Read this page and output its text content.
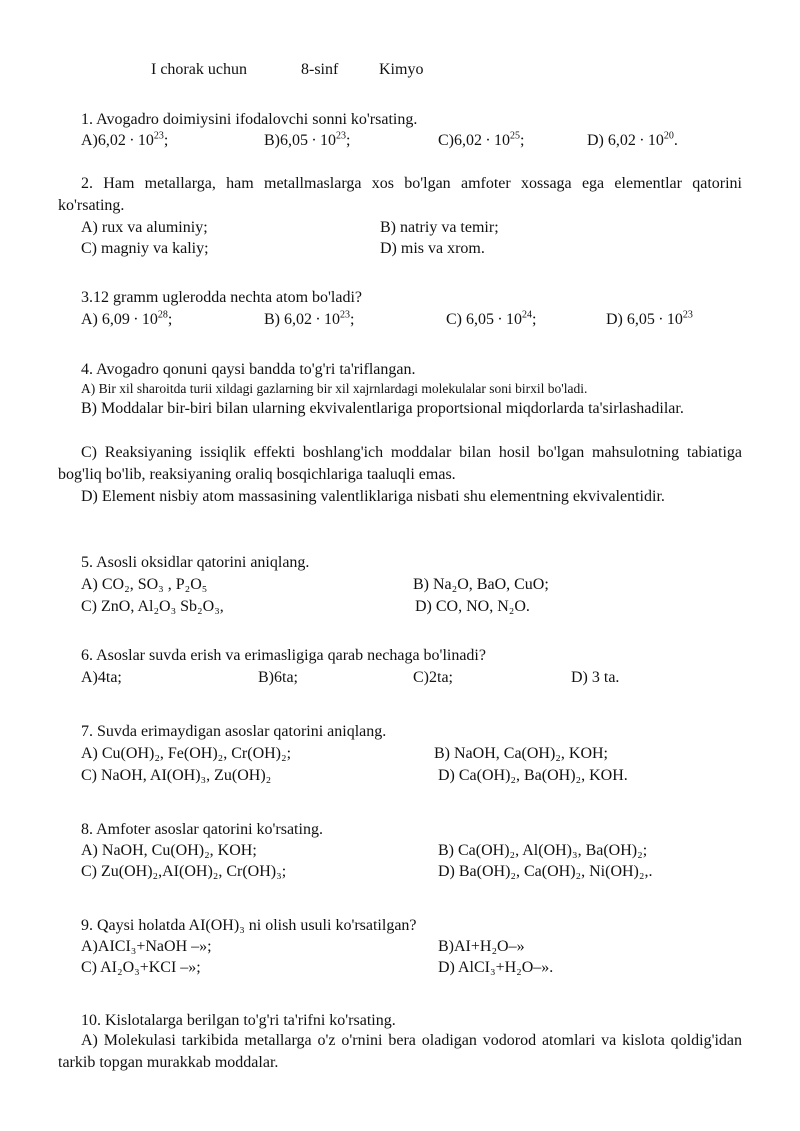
I chorak uchun	8-sinf	Kimyo
1. Avogadro doimiysini ifodalovchi sonni ko'rsating.
$A)6,02 \cdot 10^{23}$;	$B)6,05 \cdot 10^{23}$;	$C)6,02 \cdot 10^{25}$;	D) $6,02 \cdot 10^{20}$.
2. Ham metallarga, ham metallmaslarga xos bo'lgan amfoter xossaga ega elementlar qatorini ko'rsating.
A) rux va aluminiy;	B) natriy va temir;
C) magniy va kaliy;	D) mis va xrom.
3.12 gramm uglerodda nechta atom bo'ladi?
A) $6,09 \cdot 10^{28}$;	B) $6,02 \cdot 10^{23}$;	C) $6,05 \cdot 10^{24}$;	D) $6,05 \cdot 10^{23}$
4. Avogadro qonuni qaysi bandda to'g'ri ta'riflangan.
A) Bir xil sharoitda turii xildagi gazlarning bir xil xajrnlardagi molekulalar soni birxil bo'ladi.
B) Moddalar bir-biri bilan ularning ekvivalentlariga proportsional miqdorlarda ta'sirlashadilar.
C) Reaksiyaning issiqlik effekti boshlang'ich moddalar bilan hosil bo'lgan mahsulotning tabiatiga bog'liq bo'lib, reaksiyaning oraliq bosqichlariga taaluqli emas.
D) Element nisbiy atom massasining valentliklariga nisbati shu elementning ekvivalentidir.
5. Asosli oksidlar qatorini aniqlang.
A) CO₂, SO₃ , P₂O₅	B) Na₂O, BaO, CuO;
C) ZnO, Al₂O₃ Sb₂O₃,	D) CO, NO, N₂O.
6. Asoslar suvda erish va erimasligiga qarab nechaga bo'linadi?
A)4ta;	B)6ta;	C)2ta;	D) 3 ta.
7. Suvda erimaydigan asoslar qatorini aniqlang.
A) Cu(OH)₂, Fe(OH)₂, Cr(OH)₂;	B) NaOH, Ca(OH)₂, KOH;
C) NaOH, AI(OH)₃, Zu(OH)₂	D) Ca(OH)₂, Ba(OH)₂, KOH.
8. Amfoter asoslar qatorini ko'rsating.
A) NaOH, Cu(OH)₂, KOH;	B) Ca(OH)₂, Al(OH)₃, Ba(OH)₂;
C) Zu(OH)₂,AI(OH)₂, Cr(OH)₃;	D) Ba(OH)₂, Ca(OH)₂, Ni(OH)₂,.
9. Qaysi holatda AI(OH)₃ ni olish usuli ko'rsatilgan?
A)AICI₃+NaOH –»;	B)AI+H₂O–»
C) AI₂O₃+KCI –»;	D) AlCI₃+H₂O–».
10. Kislotalarga berilgan to'g'ri ta'rifni ko'rsating.
A) Molekulasi tarkibida metallarga o'z o'rnini bera oladigan vodorod atomlari va kislota qoldig'idan tarkib topgan murakkab moddalar.
